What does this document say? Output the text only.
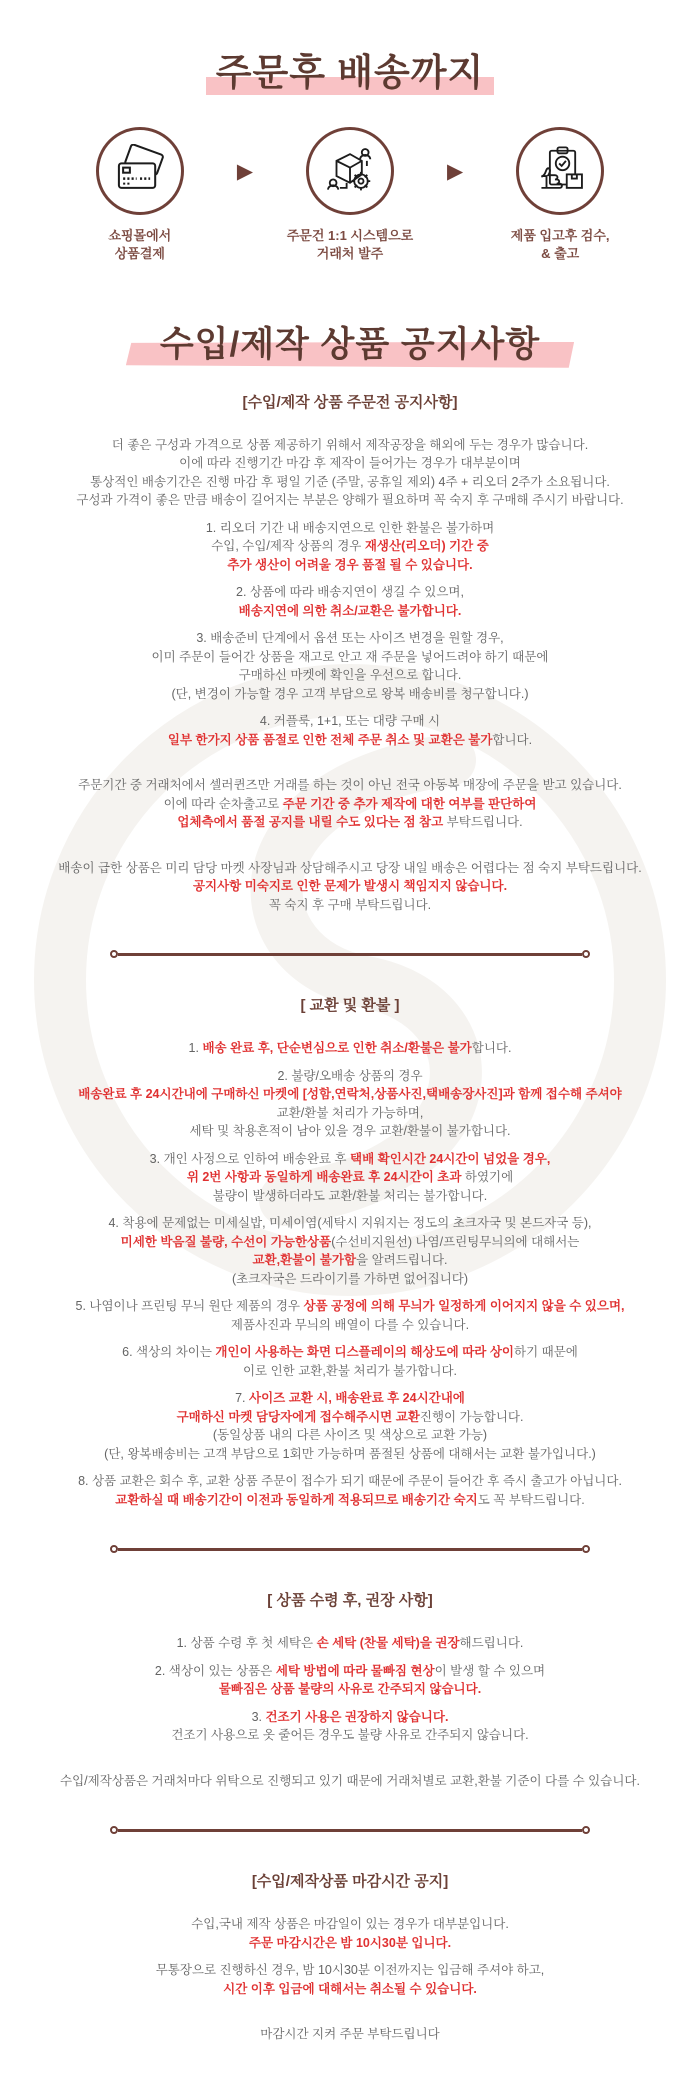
주문후 배송까지
쇼핑몰에서
상품결제
▶
주문건 1:1 시스템으로
거래처 발주
▶
제품 입고후 검수,
& 출고
수입/제작 상품 공지사항
[수입/제작 상품 주문전 공지사항]
더 좋은 구성과 가격으로 상품 제공하기 위해서 제작공장을 해외에 두는 경우가 많습니다.
이에 따라 진행기간 마감 후 제작이 들어가는 경우가 대부분이며
통상적인 배송기간은 진행 마감 후 평일 기준 (주말, 공휴일 제외) 4주 + 리오더 2주가 소요됩니다.
구성과 가격이 좋은 만큼 배송이 길어지는 부분은 양해가 필요하며 꼭 숙지 후 구매해 주시기 바랍니다.
1. 리오더 기간 내 배송지연으로 인한 환불은 불가하며
수입, 수입/제작 상품의 경우 재생산(리오더) 기간 중
추가 생산이 어려울 경우 품절 될 수 있습니다.
2. 상품에 따라 배송지연이 생길 수 있으며,
배송지연에 의한 취소/교환은 불가합니다.
3. 배송준비 단계에서 옵션 또는 사이즈 변경을 원할 경우,
이미 주문이 들어간 상품을 재고로 안고 재 주문을 넣어드려야 하기 때문에
구매하신 마켓에 확인을 우선으로 합니다.
(단, 변경이 가능할 경우 고객 부담으로 왕복 배송비를 청구합니다.)
4. 커플룩, 1+1, 또는 대량 구매 시
일부 한가지 상품 품절로 인한 전체 주문 취소 및 교환은 불가합니다.
주문기간 중 거래처에서 셀러퀸즈만 거래를 하는 것이 아닌 전국 아동복 매장에 주문을 받고 있습니다.
이에 따라 순차출고로 주문 기간 중 추가 제작에 대한 여부를 판단하여
업체측에서 품절 공지를 내릴 수도 있다는 점 참고 부탁드립니다.
배송이 급한 상품은 미리 담당 마켓 사장님과 상담해주시고 당장 내일 배송은 어렵다는 점 숙지 부탁드립니다.
공지사항 미숙지로 인한 문제가 발생시 책임지지 않습니다.
꼭 숙지 후 구매 부탁드립니다.
[ 교환 및 환불 ]
1. 배송 완료 후, 단순변심으로 인한 취소/환불은 불가합니다.
2. 불량/오배송 상품의 경우
배송완료 후 24시간내에 구매하신 마켓에 [성함,연락처,상품사진,택배송장사진]과 함께 접수해 주셔야
교환/환불 처리가 가능하며,
세탁 및 착용흔적이 남아 있을 경우 교환/환불이 불가합니다.
3. 개인 사정으로 인하여 배송완료 후 택배 확인시간 24시간이 넘었을 경우,
위 2번 사항과 동일하게 배송완료 후 24시간이 초과 하였기에
불량이 발생하더라도 교환/환불 처리는 불가합니다.
4. 착용에 문제없는 미세실밥, 미세이염(세탁시 지워지는 정도의 초크자국 및 본드자국 등),
미세한 박음질 불량, 수선이 가능한상품(수선비지원선) 나염/프린팅무늬의에 대해서는
교환,환불이 불가함을 알려드립니다.
(초크자국은 드라이기를 가하면 없어집니다)
5. 나염이나 프린팅 무늬 원단 제품의 경우 상품 공정에 의해 무늬가 일정하게 이어지지 않을 수 있으며,
제품사진과 무늬의 배열이 다를 수 있습니다.
6. 색상의 차이는 개인이 사용하는 화면 디스플레이의 해상도에 따라 상이하기 때문에
이로 인한 교환,환불 처리가 불가합니다.
7. 사이즈 교환 시, 배송완료 후 24시간내에
구매하신 마켓 담당자에게 접수해주시면 교환진행이 가능합니다.
(동일상품 내의 다른 사이즈 및 색상으로 교환 가능)
(단, 왕복배송비는 고객 부담으로 1회만 가능하며 품절된 상품에 대해서는 교환 불가입니다.)
8. 상품 교환은 회수 후, 교환 상품 주문이 접수가 되기 때문에 주문이 들어간 후 즉시 출고가 아닙니다.
교환하실 때 배송기간이 이전과 동일하게 적용되므로 배송기간 숙지도 꼭 부탁드립니다.
[ 상품 수령 후, 권장 사항]
1. 상품 수령 후 첫 세탁은 손 세탁 (찬물 세탁)을 권장해드립니다.
2. 색상이 있는 상품은 세탁 방법에 따라 물빠짐 현상이 발생 할 수 있으며
물빠짐은 상품 불량의 사유로 간주되지 않습니다.
3. 건조기 사용은 권장하지 않습니다.
건조기 사용으로 옷 줄어든 경우도 불량 사유로 간주되지 않습니다.
수입/제작상품은 거래처마다 위탁으로 진행되고 있기 때문에 거래처별로 교환,환불 기준이 다를 수 있습니다.
[수입/제작상품 마감시간 공지]
수입,국내 제작 상품은 마감일이 있는 경우가 대부분입니다.
주문 마감시간은 밤 10시30분 입니다.
무통장으로 진행하신 경우, 밤 10시30분 이전까지는 입금해 주셔야 하고,
시간 이후 입금에 대해서는 취소될 수 있습니다.
마감시간 지켜 주문 부탁드립니다
